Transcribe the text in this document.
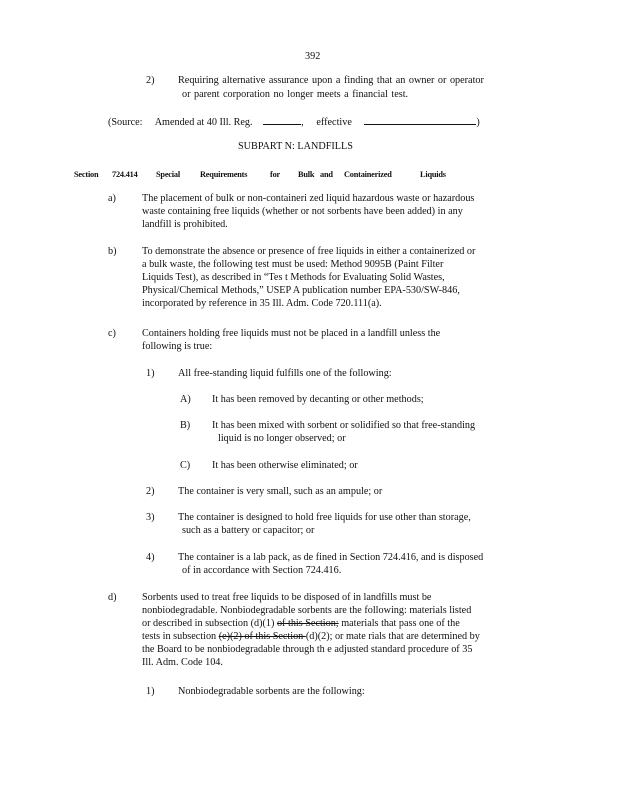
392
2) Requiring alternative assurance upon a finding that an owner or operator
or parent corporation no longer meets a financial test.
(Source: Amended at 40 Ill. Reg.	, effective	)
SUBPART N: LANDFILLS
Section 724.414 Special Requirements	for Bulk and Containerized	Liquids
a)	The placement of bulk or non-containeri zed liquid hazardous waste or hazardous
waste containing free liquids (whether or not sorbents have been added) in any
landfill is prohibited.
b)	To demonstrate the absence or presence of free liquids in either a containerized or
a bulk waste, the following test must be used: Method 9095B (Paint Filter
Liquids Test), as described in “Tes t Methods for Evaluating Solid Wastes,
Physical/Chemical Methods,” USEP A publication number EPA-530/SW-846,
incorporated by reference in 35 Ill. Adm. Code 720.111(a).
c)	Containers holding free liquids must not be placed in a landfill unless the
following is true:
1) All free-standing liquid fulfills one of the following:
A) It has been removed by decanting or other methods;
B) It has been mixed with sorbent or solidified so that free-standing
liquid is no longer observed; or
C) It has been otherwise eliminated; or
2) The container is very small, such as an ampule; or
3) The container is designed to hold free liquids for use other than storage,
such as a battery or capacitor; or
4) The container is a lab pack, as de fined in Section 724.416, and is disposed
of in accordance with Section 724.416.
d)	Sorbents used to treat free liquids to be disposed of in landfills must be
nonbiodegradable. Nonbiodegradable sorbents are the following: materials listed
or described in subsection (d)(1) of this Section; materials that pass one of the
tests in subsection (e)(2) of this Section (d)(2); or mate rials that are determined by
the Board to be nonbiodegradable through th e adjusted standard procedure of 35
Ill. Adm. Code 104.
1) Nonbiodegradable sorbents are the following:
